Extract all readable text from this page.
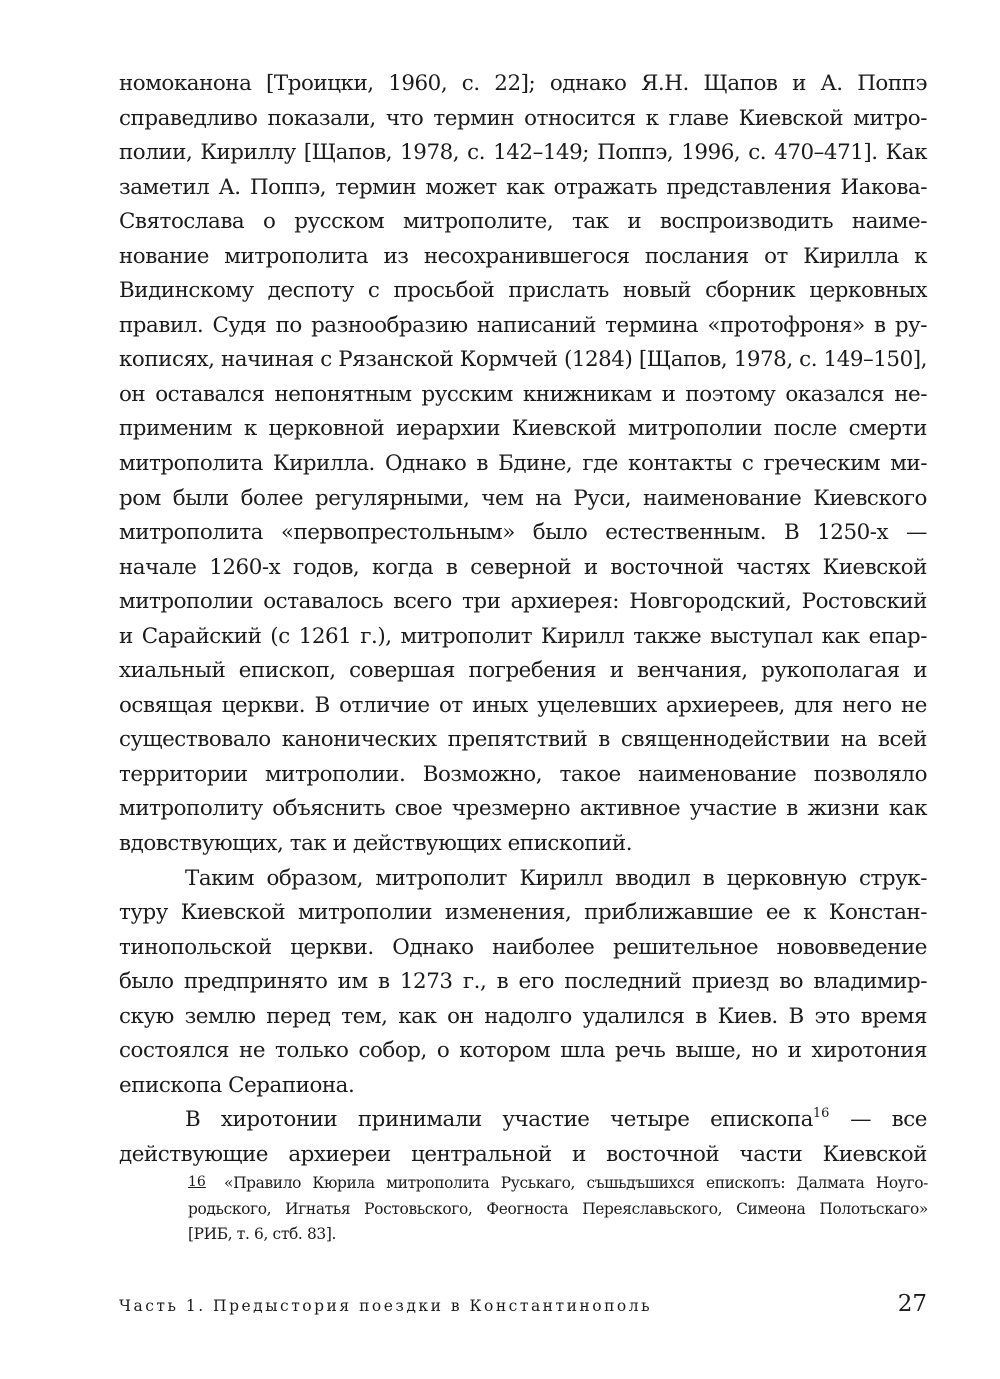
номоканона [Троицки, 1960, с. 22]; однако Я.Н. Щапов и А. Поппэ
справедливо показали, что термин относится к главе Киевской митро-
полии, Кириллу [Щапов, 1978, с. 142–149; Поппэ, 1996, с. 470–471]. Как
заметил А. Поппэ, термин может как отражать представления Иакова-
Святослава о русском митрополите, так и воспроизводить наиме-
нование митрополита из несохранившегося послания от Кирилла к
Видинскому деспоту с просьбой прислать новый сборник церковных
правил. Судя по разнообразию написаний термина «протофроня» в ру-
кописях, начиная с Рязанской Кормчей (1284) [Щапов, 1978, с. 149–150],
он оставался непонятным русским книжникам и поэтому оказался не-
применим к церковной иерархии Киевской митрополии после смерти
митрополита Кирилла. Однако в Бдине, где контакты с греческим ми-
ром были более регулярными, чем на Руси, наименование Киевского
митрополита «первопрестольным» было естественным. В 1250-х —
начале 1260-х годов, когда в северной и восточной частях Киевской
митрополии оставалось всего три архиерея: Новгородский, Ростовский
и Сарайский (с 1261 г.), митрополит Кирилл также выступал как епар-
хиальный епископ, совершая погребения и венчания, рукополагая и
освящая церкви. В отличие от иных уцелевших архиереев, для него не
существовало канонических препятствий в священнодействии на всей
территории митрополии. Возможно, такое наименование позволяло
митрополиту объяснить свое чрезмерно активное участие в жизни как
вдовствующих, так и действующих епископий.
Таким образом, митрополит Кирилл вводил в церковную струк-
туру Киевской митрополии изменения, приближавшие ее к Констан-
тинопольской церкви. Однако наиболее решительное нововведение
было предпринято им в 1273 г., в его последний приезд во владимир-
скую землю перед тем, как он надолго удалился в Киев. В это время
состоялся не только собор, о котором шла речь выше, но и хиротония
епископа Серапиона.
В хиротонии принимали участие четыре епископа$^{16}$ — все
действующие архиереи центральной и восточной части Киевской
16	«Правило Кюрила митрополита Руськаго, съшьдъшихся епископъ: Далмата Ноуго-
родьского, Игнатья Ростовьского, Феогноста Переяславьского, Симеона Полотьскаго»
[РИБ, т. 6, стб. 83].
Часть 1. Предыстория поездки в Константинополь	27
